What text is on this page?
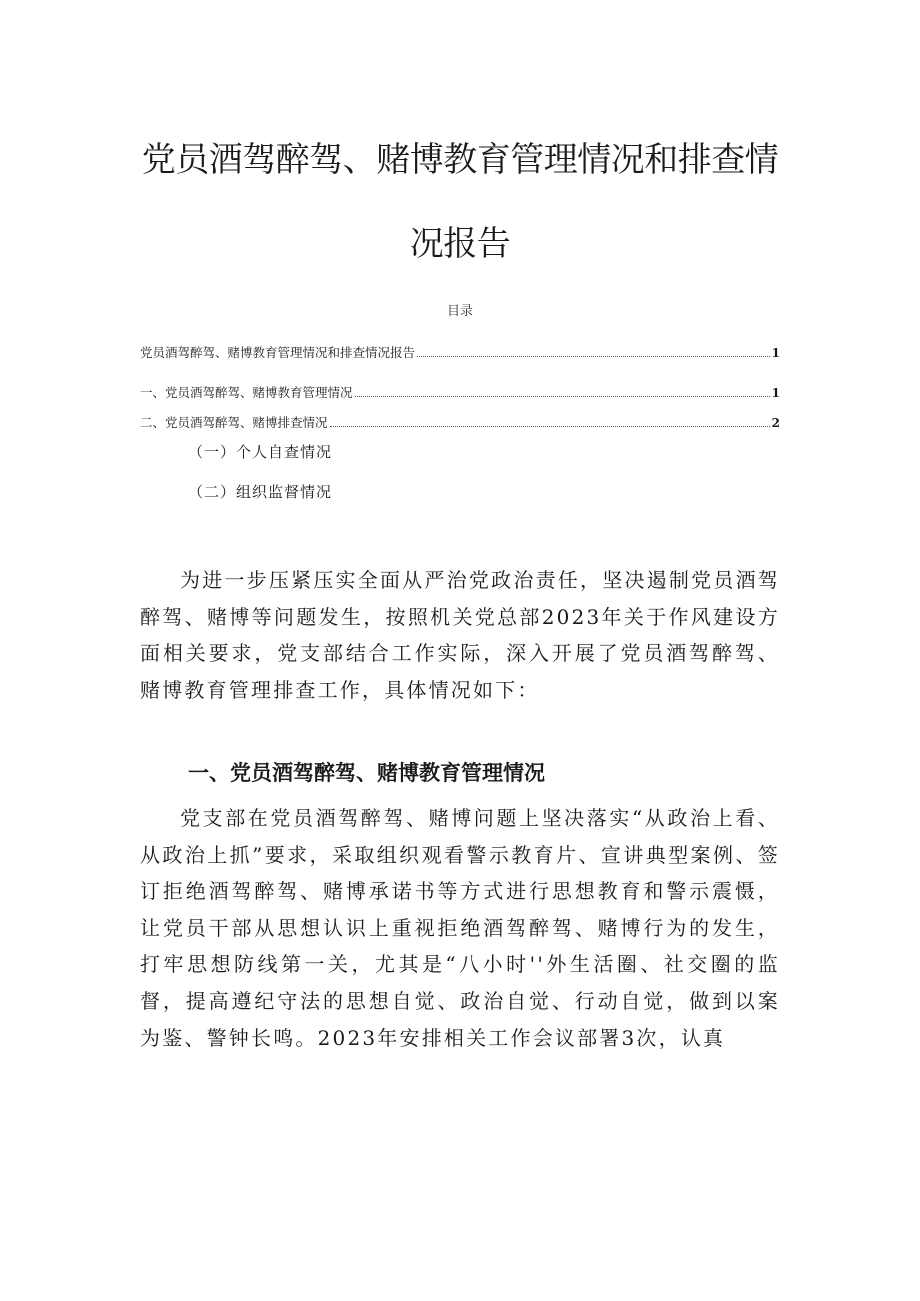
党员酒驾醉驾、赌博教育管理情况和排查情
况报告
目录
党员酒驾醉驾、赌博教育管理情况和排查情况报告	1
一、党员酒驾醉驾、赌博教育管理情况	1
二、党员酒驾醉驾、赌博排查情况	2
（一）个人自查情况
（二）组织监督情况

为进一步压紧压实全面从严治党政治责任，坚决遏制党员酒驾醉驾、赌博等问题发生，按照机关党总部2023年关于作风建设方面相关要求，党支部结合工作实际，深入开展了党员酒驾醉驾、赌博教育管理排查工作，具体情况如下：

一、党员酒驾醉驾、赌博教育管理情况

党支部在党员酒驾醉驾、赌博问题上坚决落实“从政治上看、从政治上抓”要求，采取组织观看警示教育片、宣讲典型案例、签订拒绝酒驾醉驾、赌博承诺书等方式进行思想教育和警示震慑，让党员干部从思想认识上重视拒绝酒驾醉驾、赌博行为的发生，打牢思想防线第一关，尤其是“八小时''外生活圈、社交圈的监督，提高遵纪守法的思想自觉、政治自觉、行动自觉，做到以案为鉴、警钟长鸣。2023年安排相关工作会议部署3次，认真
